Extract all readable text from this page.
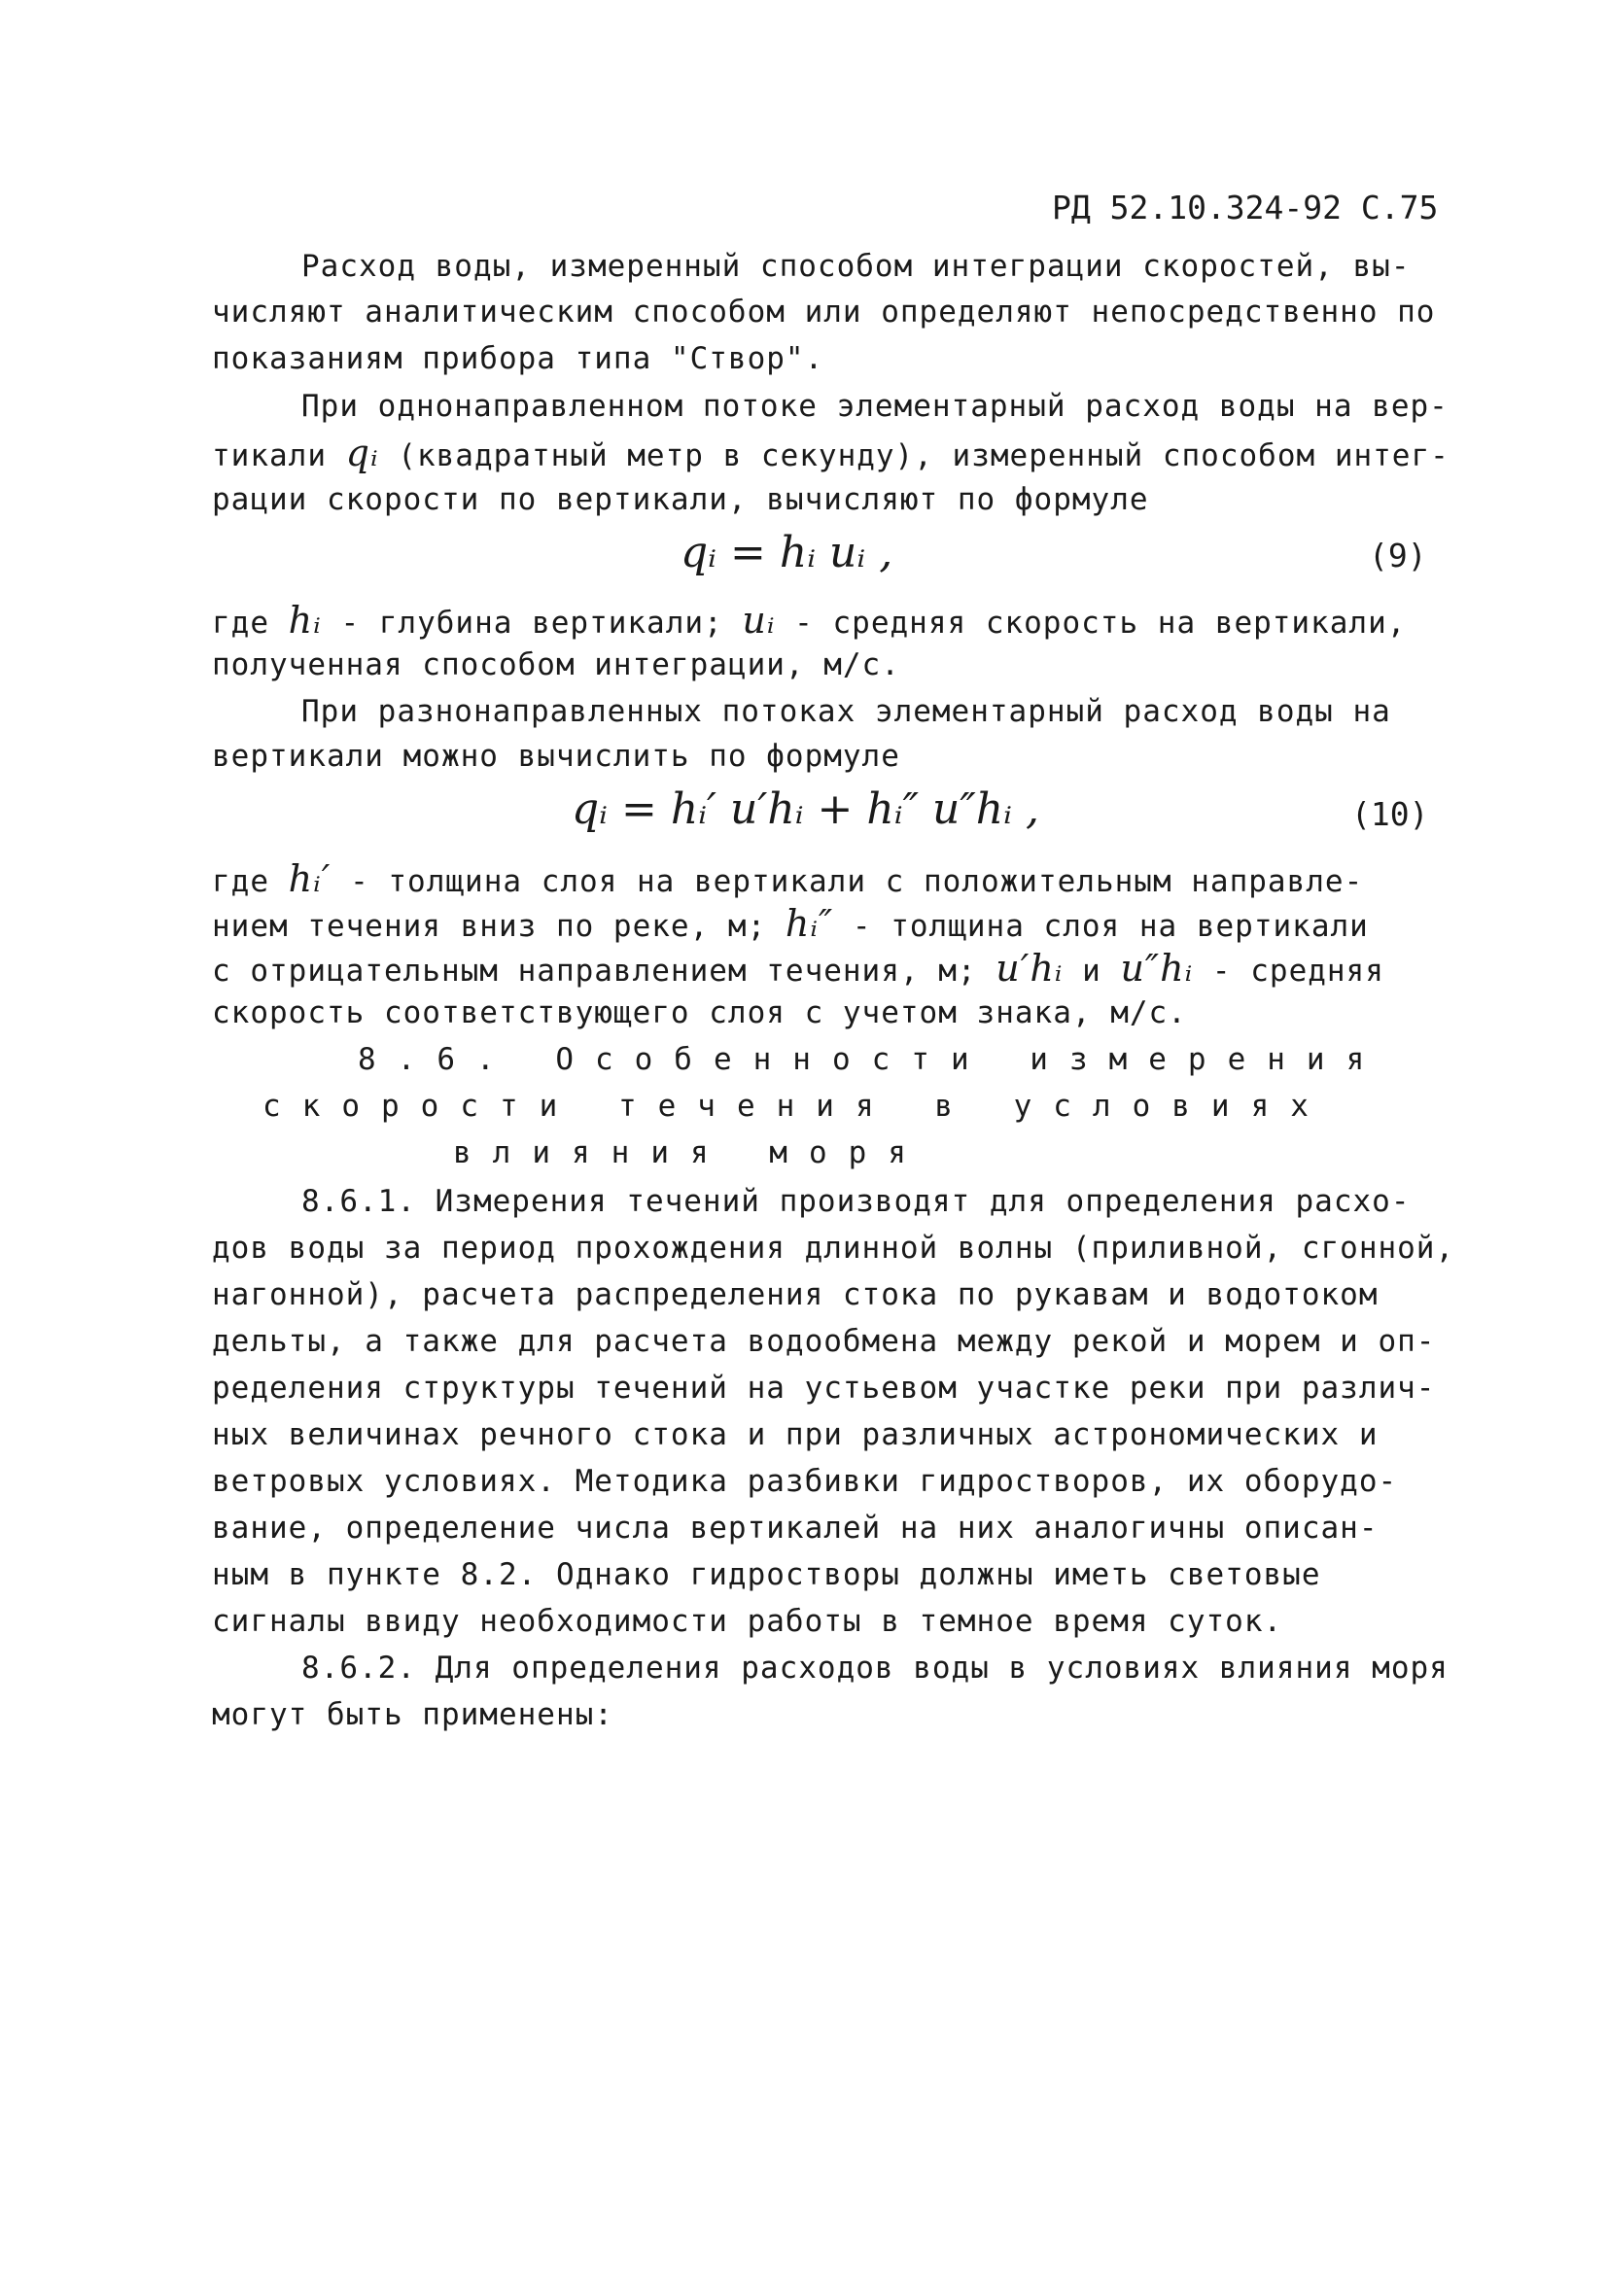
РД 52.10.324-92 С.75
Расход воды, измеренный способом интеграции скоростей, вы-
числяют аналитическим способом или определяют непосредственно по
показаниям прибора типа "Створ".
При однонаправленном потоке элементарный расход воды на вер-
тикали qᵢ (квадратный метр в секунду), измеренный способом интег-
рации скорости по вертикали, вычисляют по формуле
qᵢ = hᵢ uᵢ ,	(9)
где hᵢ - глубина вертикали; uᵢ - средняя скорость на вертикали,
полученная способом интеграции, м/с.
При разнонаправленных потоках элементарный расход воды на
вертикали можно вычислить по формуле
qᵢ = hᵢ′ u′hᵢ + hᵢ″ u″hᵢ ,	(10)
где hᵢ′ - толщина слоя на вертикали с положительным направле-
нием течения вниз по реке, м; hᵢ″ - толщина слоя на вертикали
с отрицательным направлением течения, м; u′hᵢ и u″hᵢ - средняя
скорость соответствующего слоя с учетом знака, м/с.
8.6. Особенности измерения
скорости течения в условиях
влияния моря
8.6.1. Измерения течений производят для определения расхо-
дов воды за период прохождения длинной волны (приливной, сгонной,
нагонной), расчета распределения стока по рукавам и водотоком
дельты, а также для расчета водообмена между рекой и морем и оп-
ределения структуры течений на устьевом участке реки при различ-
ных величинах речного стока и при различных астрономических и
ветровых условиях. Методика разбивки гидростворов, их оборудо-
вание, определение числа вертикалей на них аналогичны описан-
ным в пункте 8.2. Однако гидростворы должны иметь световые
сигналы ввиду необходимости работы в темное время суток.
8.6.2. Для определения расходов воды в условиях влияния моря
могут быть применены:
